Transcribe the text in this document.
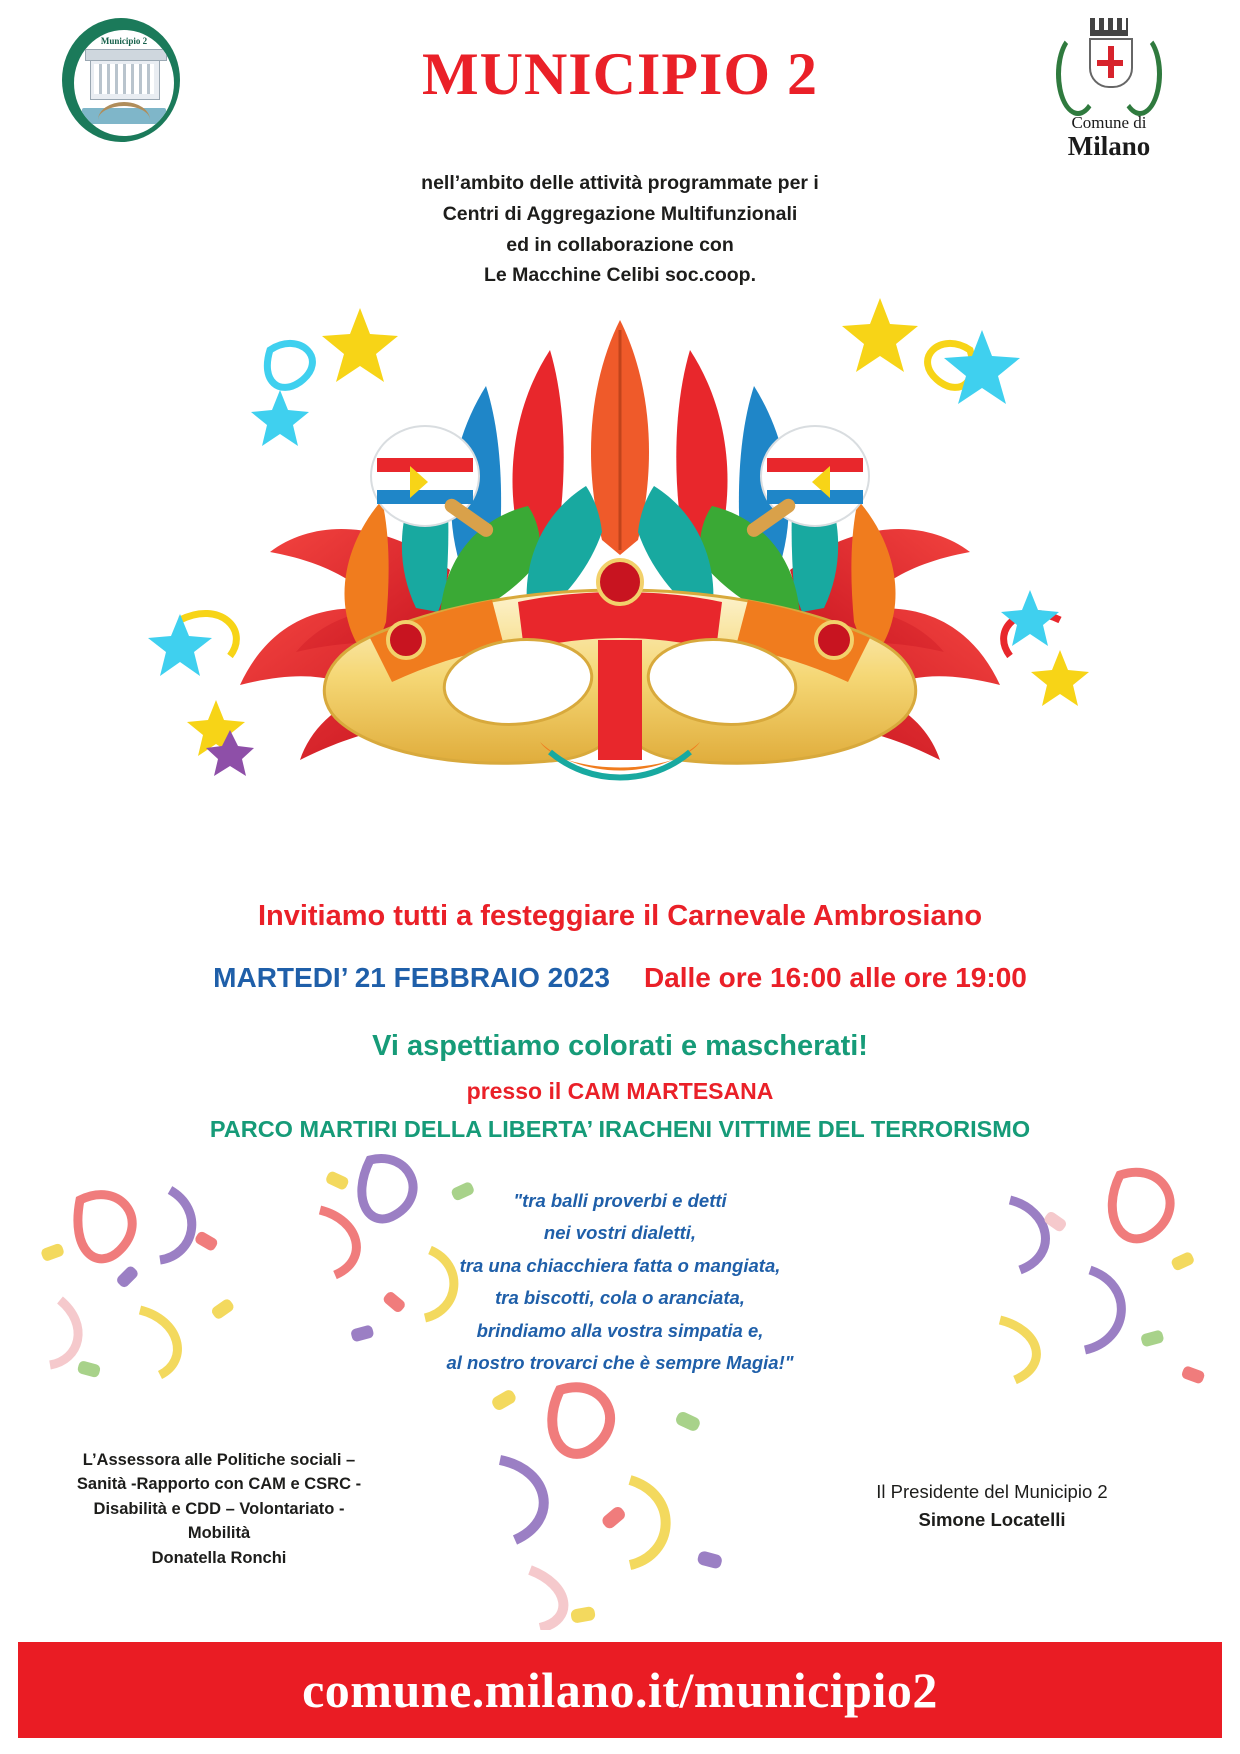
Municipio 2	MUNICIPIO 2
Comune di
Milano
nell’ambito delle attività programmate per i
Centri di Aggregazione Multifunzionali
ed in collaborazione con
Le Macchine Celibi soc.coop.
Invitiamo tutti a festeggiare il Carnevale Ambrosiano
MARTEDI’ 21 FEBBRAIO 2023 Dalle ore 16:00 alle ore 19:00
Vi aspettiamo colorati e mascherati!
presso il CAM MARTESANA
PARCO MARTIRI DELLA LIBERTA’ IRACHENI VITTIME DEL TERRORISMO
"tra balli proverbi e detti
nei vostri dialetti,
tra una chiacchiera fatta o mangiata,
tra biscotti, cola o aranciata,
brindiamo alla vostra simpatia e,
al nostro trovarci che è sempre Magia!"
L’Assessora alle Politiche sociali –
Sanità -Rapporto con CAM e CSRC -
Disabilità e CDD – Volontariato -
Mobilità
Donatella Ronchi
Il Presidente del Municipio 2
Simone Locatelli
comune.milano.it/municipio2
